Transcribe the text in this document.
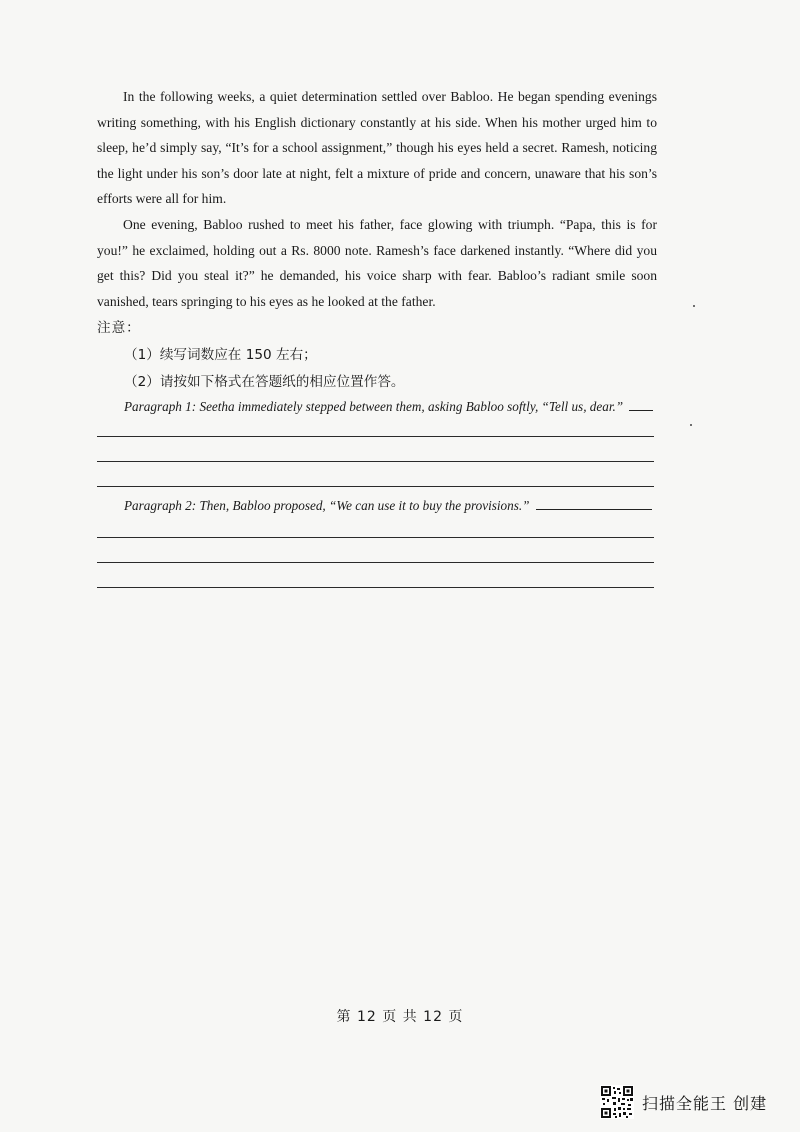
In the following weeks, a quiet determination settled over Babloo. He began spending evenings writing something, with his English dictionary constantly at his side. When his mother urged him to sleep, he’d simply say, “It’s for a school assignment,” though his eyes held a secret. Ramesh, noticing the light under his son’s door late at night, felt a mixture of pride and concern, unaware that his son’s efforts were all for him.

One evening, Babloo rushed to meet his father, face glowing with triumph. “Papa, this is for you!” he exclaimed, holding out a Rs. 8000 note. Ramesh’s face darkened instantly. “Where did you get this? Did you steal it?” he demanded, his voice sharp with fear. Babloo’s radiant smile soon vanished, tears springing to his eyes as he looked at the father.

注意：
（1）续写词数应在 150 左右；
（2）请按如下格式在答题纸的相应位置作答。
Paragraph 1: Seetha immediately stepped between them, asking Babloo softly, “Tell us, dear.”
Paragraph 2: Then, Babloo proposed, “We can use it to buy the provisions.”
第 12 页 共 12 页
扫描全能王 创建
